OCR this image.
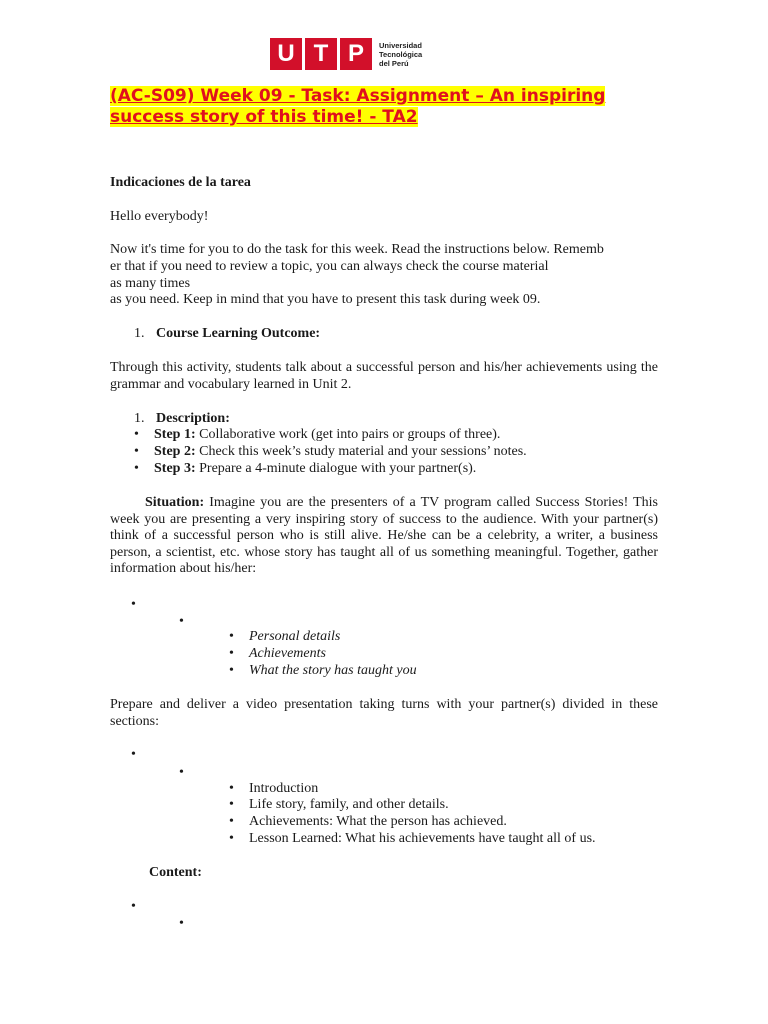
U T P	Universidad
Tecnológica
del Perú
(AC-S09) Week 09 - Task: Assignment – An inspiring
success story of this time! - TA2

Indicaciones de la tarea

Hello everybody!

Now it's time for you to do the task for this week. Read the instructions below. Rememb

er that if you need to review a topic, you can always check the course material

as many times

as you need. Keep in mind that you have to present this task during week 09.

1. Course Learning Outcome:

Through this activity, students talk about a successful person and his/her achievements using the grammar and vocabulary learned in Unit 2.

1. Description:
• Step 1: Collaborative work (get into pairs or groups of three).
• Step 2: Check this week’s study material and your sessions’ notes.
• Step 3: Prepare a 4-minute dialogue with your partner(s).

Situation: Imagine you are the presenters of a TV program called Success Stories! This week you are presenting a very inspiring story of success to the audience. With your partner(s) think of a successful person who is still alive. He/she can be a celebrity, a writer, a business person, a scientist, etc. whose story has taught all of us something meaningful. Together, gather information about his/her:

•
•
• Personal details
• Achievements
• What the story has taught you

Prepare and deliver a video presentation taking turns with your partner(s) divided in these sections:

•
•
• Introduction
• Life story, family, and other details.
• Achievements: What the person has achieved.
• Lesson Learned: What his achievements have taught all of us.
Content:
•
•
